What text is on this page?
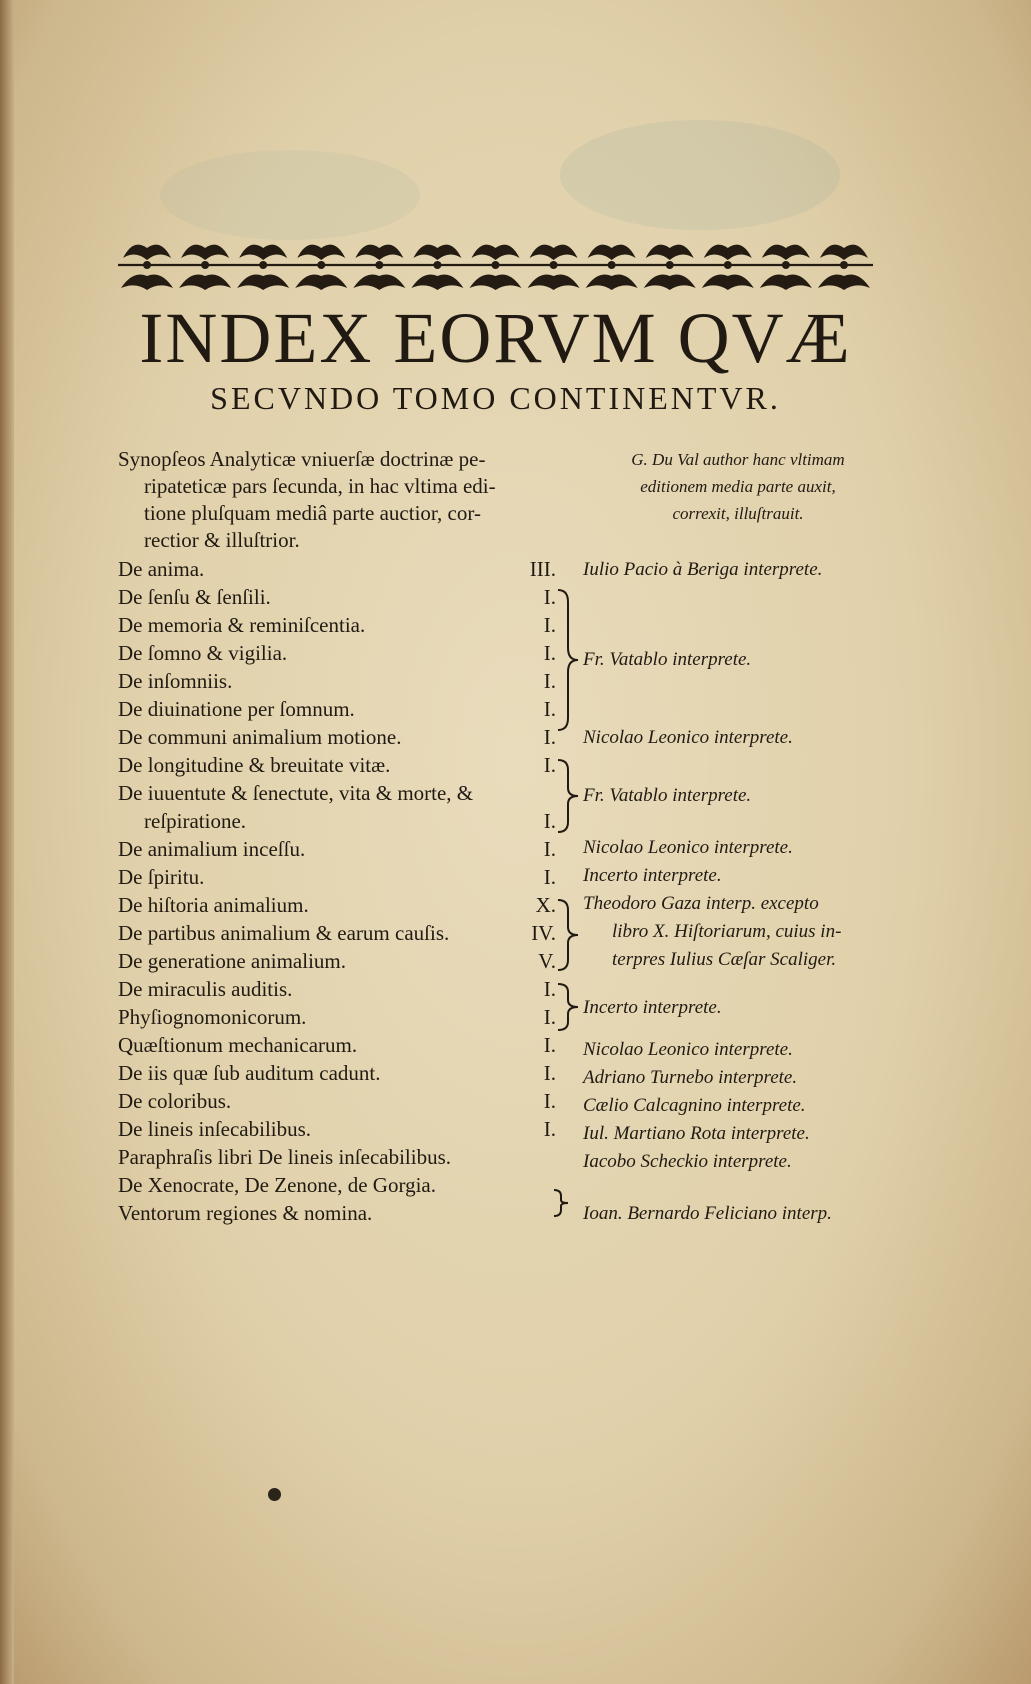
INDEX EORVM QVÆ
SECVNDO TOMO CONTINENTVR.
Synopſeos Analyticæ vniuerſæ doctrinæ pe-
ripateticæ pars ſecunda, in hac vltima edi-
tione pluſquam mediâ parte auctior, cor-
rectior & illuſtrior.
G. Du Val author hanc vltimam
editionem media parte auxit,
correxit, illuſtrauit.
De anima.
De ſenſu & ſenſili.
De memoria & reminiſcentia.
De ſomno & vigilia.
De inſomniis.
De diuinatione per ſomnum.
De communi animalium motione.
De longitudine & breuitate vitæ.
De iuuentute & ſenectute, vita & morte, &
reſpiratione.
De animalium inceſſu.
De ſpiritu.
De hiſtoria animalium.
De partibus animalium & earum cauſis.
De generatione animalium.
De miraculis auditis.
Phyſiognomonicorum.
Quæſtionum mechanicarum.
De iis quæ ſub auditum cadunt.
De coloribus.
De lineis inſecabilibus.
Paraphraſis libri De lineis inſecabilibus.
De Xenocrate, De Zenone, de Gorgia.
Ventorum regiones & nomina.
III.
I.
I.
I.
I.
I.
I.
I.
I.
I.
I.
X.
IV.
V.
I.
I.
I.
I.
I.
I.
Iulio Pacio à Beriga interprete.
Fr. Vatablo interprete.
Nicolao Leonico interprete.
Fr. Vatablo interprete.
Nicolao Leonico interprete.
Incerto interprete.
Theodoro Gaza interp. excepto
libro X. Hiſtoriarum, cuius in-
terpres Iulius Cæſar Scaliger.
Incerto interprete.
Nicolao Leonico interprete.
Adriano Turnebo interprete.
Cælio Calcagnino interprete.
Iul. Martiano Rota interprete.
Iacobo Scheckio interprete.
Ioan. Bernardo Feliciano interp.
